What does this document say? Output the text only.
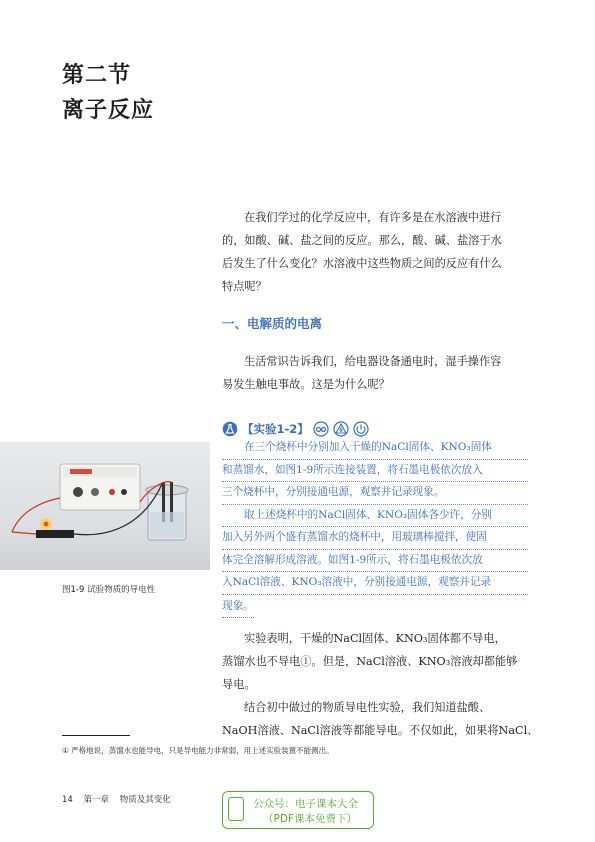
第二节
离子反应
在我们学过的化学反应中，有许多是在水溶液中进行
的，如酸、碱、盐之间的反应。那么，酸、碱、盐溶于水
后发生了什么变化？水溶液中这些物质之间的反应有什么
特点呢？
一、电解质的电离
生活常识告诉我们，给电器设备通电时，湿手操作容
易发生触电事故。这是为什么呢？
【实验1-2】
在三个烧杯中分别加入干燥的NaCl固体、KNO₃固体
和蒸馏水，如图1-9所示连接装置，将石墨电极依次放入
三个烧杯中，分别接通电源，观察并记录现象。
取上述烧杯中的NaCl固体、KNO₃固体各少许，分别
加入另外两个盛有蒸馏水的烧杯中，用玻璃棒搅拌，使固
体完全溶解形成溶液。如图1-9所示，将石墨电极依次放
入NaCl溶液、KNO₃溶液中，分别接通电源，观察并记录
现象。
图1-9 试验物质的导电性
实验表明，干燥的NaCl固体、KNO₃固体都不导电，
蒸馏水也不导电①。但是，NaCl溶液、KNO₃溶液却都能够
导电。
结合初中做过的物质导电性实验，我们知道盐酸、
NaOH溶液、NaCl溶液等都能导电。不仅如此，如果将NaCl、
① 严格地说，蒸馏水也能导电，只是导电能力非常弱，用上述实验装置不能测出。
14 第一章 物质及其变化	公众号：电子课本大全
（PDF课本免费下）
